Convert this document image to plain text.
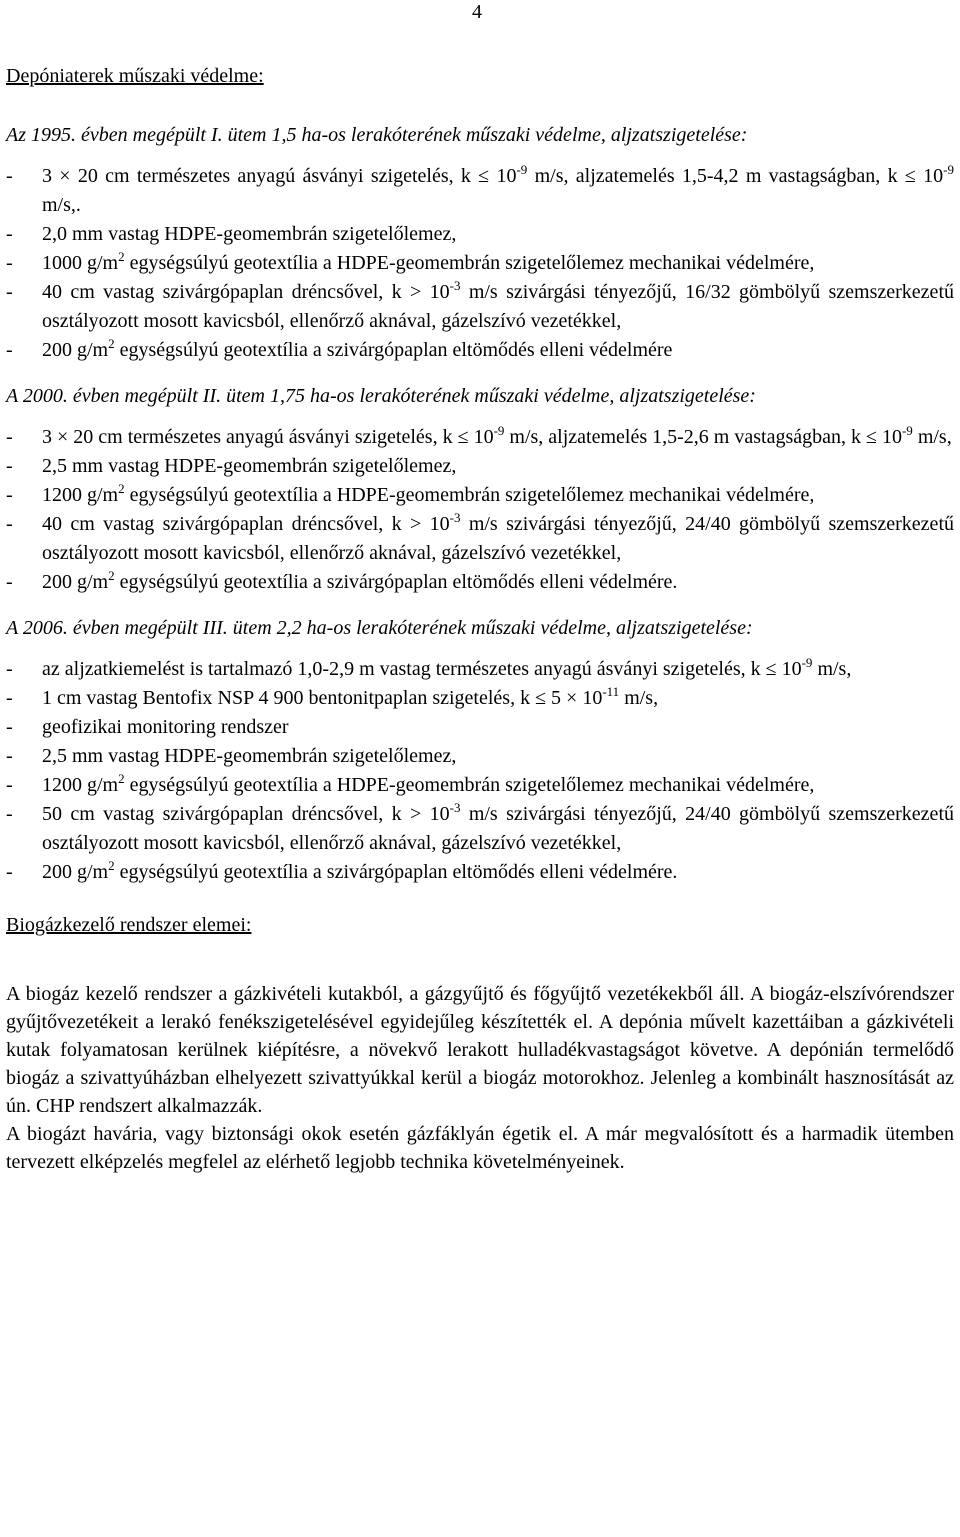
4

Depóniaterek műszaki védelme:

Az 1995. évben megépült I. ütem 1,5 ha-os lerakóterének műszaki védelme, aljzatszigetelése:

- 3 × 20 cm természetes anyagú ásványi szigetelés, $k \le 10^{-9}$ m/s, aljzatemelés 1,5-4,2 m vastagságban, $k \le 10^{-9}$ m/s,.
- 2,0 mm vastag HDPE-geomembrán szigetelőlemez,
- 1000 $g/m^2$ egységsúlyú geotextília a HDPE-geomembrán szigetelőlemez mechanikai védelmére,
- 40 cm vastag szivárgópaplan dréncsővel, $k > 10^{-3}$ m/s szivárgási tényezőjű, 16/32 gömbölyű szemszerkezetű osztályozott mosott kavicsból, ellenőrző aknával, gázelszívó vezetékkel,
- 200 $g/m^2$ egységsúlyú geotextília a szivárgópaplan eltömődés elleni védelmére

A 2000. évben megépült II. ütem 1,75 ha-os lerakóterének műszaki védelme, aljzatszigetelése:

- 3 × 20 cm természetes anyagú ásványi szigetelés, $k \le 10^{-9}$ m/s, aljzatemelés 1,5-2,6 m vastagságban, $k \le 10^{-9}$ m/s,
- 2,5 mm vastag HDPE-geomembrán szigetelőlemez,
- 1200 $g/m^2$ egységsúlyú geotextília a HDPE-geomembrán szigetelőlemez mechanikai védelmére,
- 40 cm vastag szivárgópaplan dréncsővel, $k > 10^{-3}$ m/s szivárgási tényezőjű, 24/40 gömbölyű szemszerkezetű osztályozott mosott kavicsból, ellenőrző aknával, gázelszívó vezetékkel,
- 200 $g/m^2$ egységsúlyú geotextília a szivárgópaplan eltömődés elleni védelmére.

A 2006. évben megépült III. ütem 2,2 ha-os lerakóterének műszaki védelme, aljzatszigetelése:

- az aljzatkiemelést is tartalmazó 1,0-2,9 m vastag természetes anyagú ásványi szigetelés, $k \le 10^{-9}$ m/s,
- 1 cm vastag Bentofix NSP 4 900 bentonitpaplan szigetelés, $k \le 5 \times 10^{-11}$ m/s,
- geofizikai monitoring rendszer
- 2,5 mm vastag HDPE-geomembrán szigetelőlemez,
- 1200 $g/m^2$ egységsúlyú geotextília a HDPE-geomembrán szigetelőlemez mechanikai védelmére,
- 50 cm vastag szivárgópaplan dréncsővel, $k > 10^{-3}$ m/s szivárgási tényezőjű, 24/40 gömbölyű szemszerkezetű osztályozott mosott kavicsból, ellenőrző aknával, gázelszívó vezetékkel,
- 200 $g/m^2$ egységsúlyú geotextília a szivárgópaplan eltömődés elleni védelmére.

Biogázkezelő rendszer elemei:

A biogáz kezelő rendszer a gázkivételi kutakból, a gázgyűjtő és főgyűjtő vezetékekből áll. A biogáz-elszívórendszer gyűjtővezetékeit a lerakó fenékszigetelésével egyidejűleg készítették el. A depónia művelt kazettáiban a gázkivételi kutak folyamatosan kerülnek kiépítésre, a növekvő lerakott hulladékvastagságot követve. A depónián termelődő biogáz a szivattyúházban elhelyezett szivattyúkkal kerül a biogáz motorokhoz. Jelenleg a kombinált hasznosítását az ún. CHP rendszert alkalmazzák.

A biogázt havária, vagy biztonsági okok esetén gázfáklyán égetik el. A már megvalósított és a harmadik ütemben tervezett elképzelés megfelel az elérhető legjobb technika követelményeinek.
